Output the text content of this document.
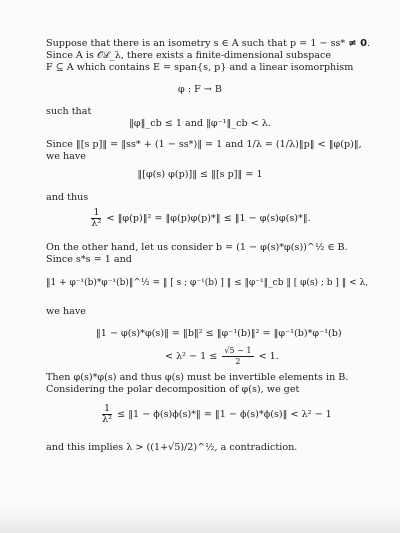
Suppose that there is an isometry s ∈ A such that p = 1 − ss* ≠ 0.
Since A is 𝒪ℒ_λ, there exists a finite-dimensional subspace
F ⊆ A which contains E = span{s, p} and a linear isomorphism
φ : F → B
such that
‖φ‖_cb ≤ 1 and ‖φ⁻¹‖_cb < λ.
Since ‖[s p]‖ = ‖ss* + (1 − ss*)‖ = 1 and 1/λ = (1/λ)‖p‖ < ‖φ(p)‖,
we have
‖[φ(s) φ(p)]‖ ≤ ‖[s p]‖ = 1
and thus
$\frac{1}{\text{λ²}}$ < ‖φ(p)‖² = ‖φ(p)φ(p)*‖ ≤ ‖1 − φ(s)φ(s)*‖.
On the other hand, let us consider b = (1 − φ(s)*φ(s))^½ ∈ B.
Since s*s = 1 and
‖1 + φ⁻¹(b)*φ⁻¹(b)‖^½ = ‖ [ s ; φ⁻¹(b) ] ‖ ≤ ‖φ⁻¹‖_cb ‖ [ φ(s) ; b ] ‖ < λ,
we have
‖1 − φ(s)*φ(s)‖ = ‖b‖² ≤ ‖φ⁻¹(b)‖² = ‖φ⁻¹(b)*φ⁻¹(b)
< $\lambda^2 - 1 \le \frac{√5 - 1}{2} < 1$.
Then φ(s)*φ(s) and thus φ(s) must be invertible elements in B.
Considering the polar decomposition of φ(s), we get
$\frac{1}{\text{λ²}}$ ≤ ‖1 − ϕ(s)ϕ(s)*‖ = ‖1 − ϕ(s)*ϕ(s)‖ < λ² − 1
and this implies λ > ((1+√5)/2)^½, a contradiction.
